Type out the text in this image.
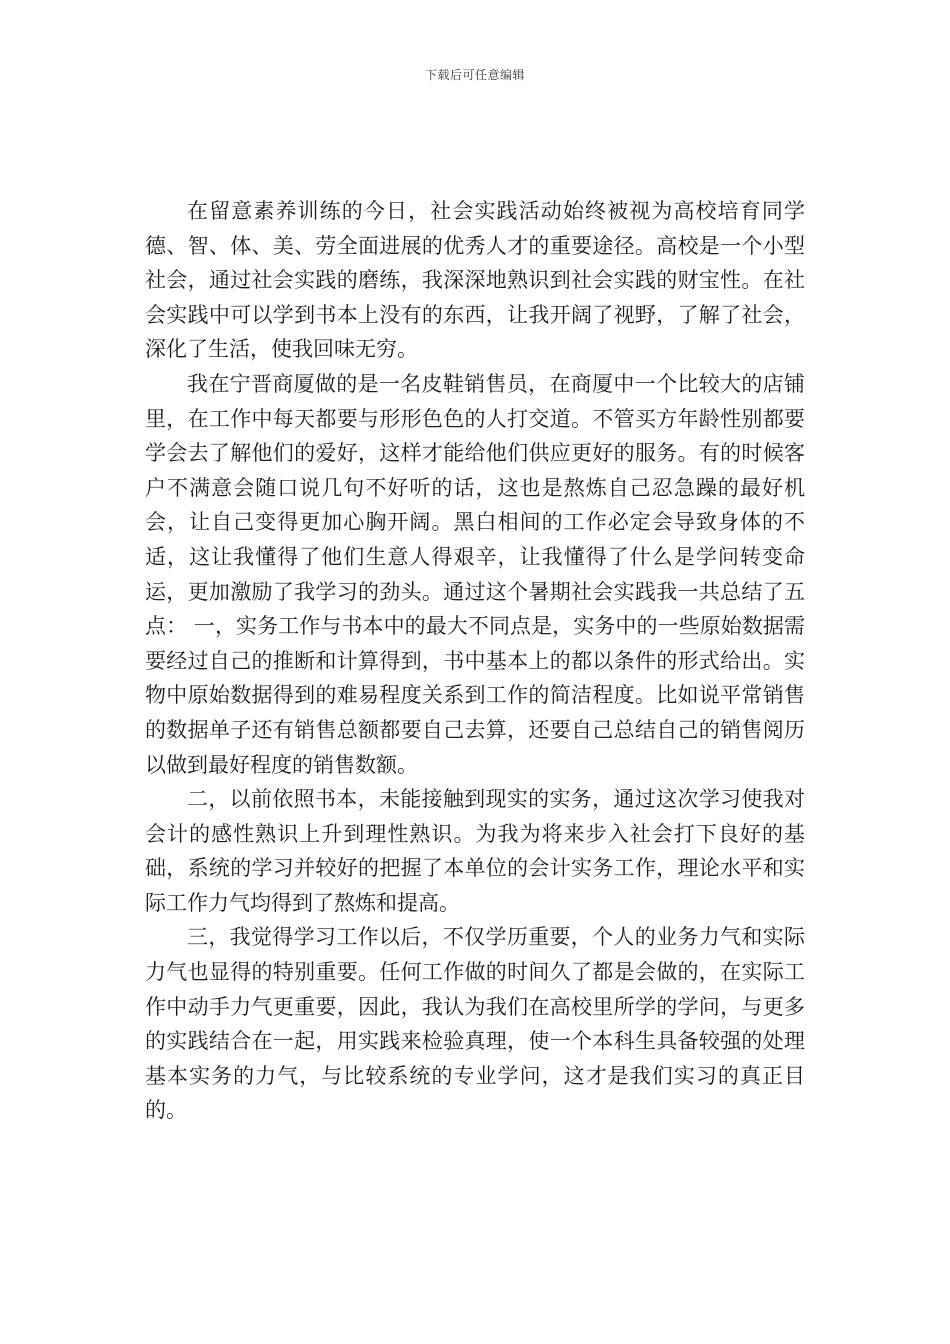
下载后可任意编辑

在留意素养训练的今日，社会实践活动始终被视为高校培育同学德、智、体、美、劳全面进展的优秀人才的重要途径。高校是一个小型社会，通过社会实践的磨练，我深深地熟识到社会实践的财宝性。在社会实践中可以学到书本上没有的东西，让我开阔了视野，了解了社会，深化了生活，使我回味无穷。

我在宁晋商厦做的是一名皮鞋销售员，在商厦中一个比较大的店铺里，在工作中每天都要与形形色色的人打交道。不管买方年龄性别都要学会去了解他们的爱好，这样才能给他们供应更好的服务。有的时候客户不满意会随口说几句不好听的话，这也是熬炼自己忍急躁的最好机会，让自己变得更加心胸开阔。黑白相间的工作必定会导致身体的不适，这让我懂得了他们生意人得艰辛，让我懂得了什么是学问转变命运，更加激励了我学习的劲头。通过这个暑期社会实践我一共总结了五点： 一，实务工作与书本中的最大不同点是，实务中的一些原始数据需要经过自己的推断和计算得到，书中基本上的都以条件的形式给出。实物中原始数据得到的难易程度关系到工作的简洁程度。比如说平常销售的数据单子还有销售总额都要自己去算，还要自己总结自己的销售阅历以做到最好程度的销售数额。

二，以前依照书本，未能接触到现实的实务，通过这次学习使我对会计的感性熟识上升到理性熟识。为我为将来步入社会打下良好的基础，系统的学习并较好的把握了本单位的会计实务工作，理论水平和实际工作力气均得到了熬炼和提高。

三，我觉得学习工作以后，不仅学历重要，个人的业务力气和实际力气也显得的特别重要。任何工作做的时间久了都是会做的，在实际工作中动手力气更重要，因此，我认为我们在高校里所学的学问，与更多的实践结合在一起，用实践来检验真理，使一个本科生具备较强的处理基本实务的力气，与比较系统的专业学问，这才是我们实习的真正目的。
